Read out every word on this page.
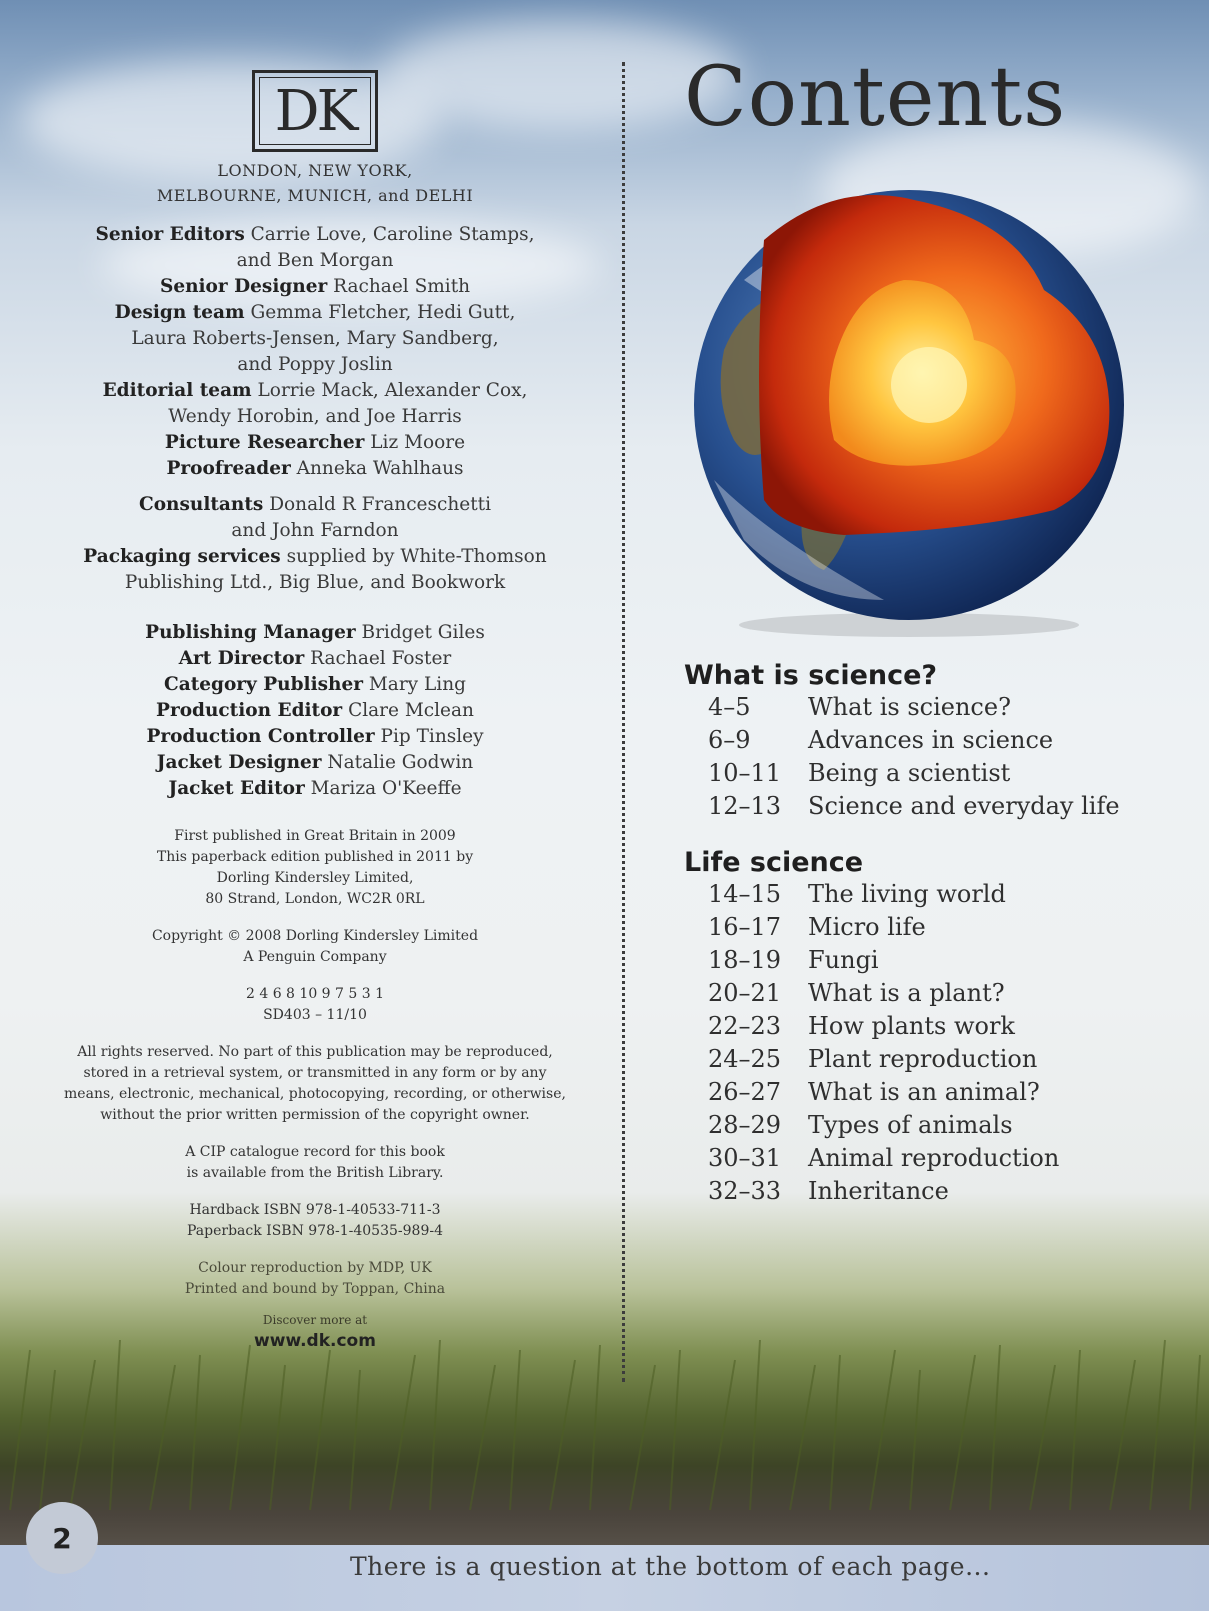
DK
LONDON, NEW YORK,
MELBOURNE, MUNICH, and DELHI
Senior Editors Carrie Love, Caroline Stamps,
and Ben Morgan
Senior Designer Rachael Smith
Design team Gemma Fletcher, Hedi Gutt,
Laura Roberts-Jensen, Mary Sandberg,
and Poppy Joslin
Editorial team Lorrie Mack, Alexander Cox,
Wendy Horobin, and Joe Harris
Picture Researcher Liz Moore
Proofreader Anneka Wahlhaus
Consultants Donald R Franceschetti
and John Farndon
Packaging services supplied by White-Thomson
Publishing Ltd., Big Blue, and Bookwork
Publishing Manager Bridget Giles
Art Director Rachael Foster
Category Publisher Mary Ling
Production Editor Clare Mclean
Production Controller Pip Tinsley
Jacket Designer Natalie Godwin
Jacket Editor Mariza O'Keeffe
First published in Great Britain in 2009
This paperback edition published in 2011 by
Dorling Kindersley Limited,
80 Strand, London, WC2R 0RL
Copyright © 2008 Dorling Kindersley Limited
A Penguin Company
2 4 6 8 10 9 7 5 3 1
SD403 – 11/10
All rights reserved. No part of this publication may be reproduced,
stored in a retrieval system, or transmitted in any form or by any
means, electronic, mechanical, photocopying, recording, or otherwise,
without the prior written permission of the copyright owner.
A CIP catalogue record for this book
is available from the British Library.
Hardback ISBN 978-1-40533-711-3
Paperback ISBN 978-1-40535-989-4
Colour reproduction by MDP, UK
Printed and bound by Toppan, China
Discover more at
www.dk.com
Contents
What is science?
4–5	What is science?
6–9	Advances in science
10–11	Being a scientist
12–13	Science and everyday life
Life science
14–15	The living world
16–17	Micro life
18–19	Fungi
20–21	What is a plant?
22–23	How plants work
24–25	Plant reproduction
26–27	What is an animal?
28–29	Types of animals
30–31	Animal reproduction
32–33	Inheritance
2
There is a question at the bottom of each page...
